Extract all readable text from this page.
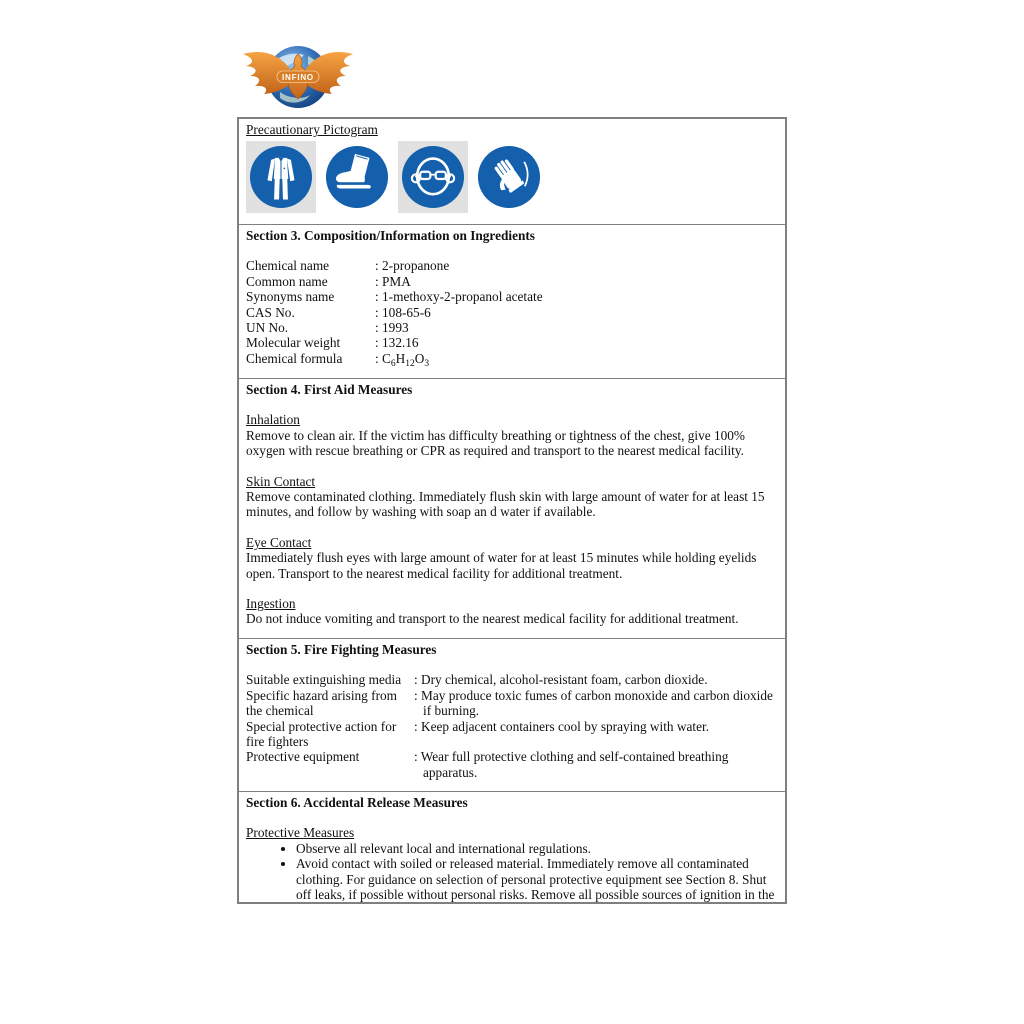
INFINO

Precautionary Pictogram

Section 3. Composition/Information on Ingredients

Chemical name	: 2-propanone
Common name	: PMA
Synonyms name	: 1-methoxy-2-propanol acetate
CAS No.	: 108-65-6
UN No.	: 1993
Molecular weight	: 132.16
Chemical formula	: $C_6H_{12}O_3$

Section 4. First Aid Measures

Inhalation

Remove to clean air. If the victim has difficulty breathing or tightness of the chest, give 100% oxygen with rescue breathing or CPR as required and transport to the nearest medical facility.

Skin Contact

Remove contaminated clothing. Immediately flush skin with large amount of water for at least 15 minutes, and follow by washing with soap an d water if available.

Eye Contact

Immediately flush eyes with large amount of water for at least 15 minutes while holding eyelids open. Transport to the nearest medical facility for additional treatment.

Ingestion

Do not induce vomiting and transport to the nearest medical facility for additional treatment.

Section 5. Fire Fighting Measures

Suitable extinguishing media : Dry chemical, alcohol-resistant foam, carbon dioxide.
Specific hazard arising from the chemical
: May produce toxic fumes of carbon monoxide and carbon dioxide if burning.
Special protective action for fire fighters
: Keep adjacent containers cool by spraying with water.
Protective equipment	: Wear full protective clothing and self-contained breathing apparatus.

Section 6. Accidental Release Measures

Protective Measures

• Observe all relevant local and international regulations.
• Avoid contact with soiled or released material. Immediately remove all contaminated clothing. For guidance on selection of personal protective equipment see Section 8. Shut off leaks, if possible without personal risks. Remove all possible sources of ignition in the
